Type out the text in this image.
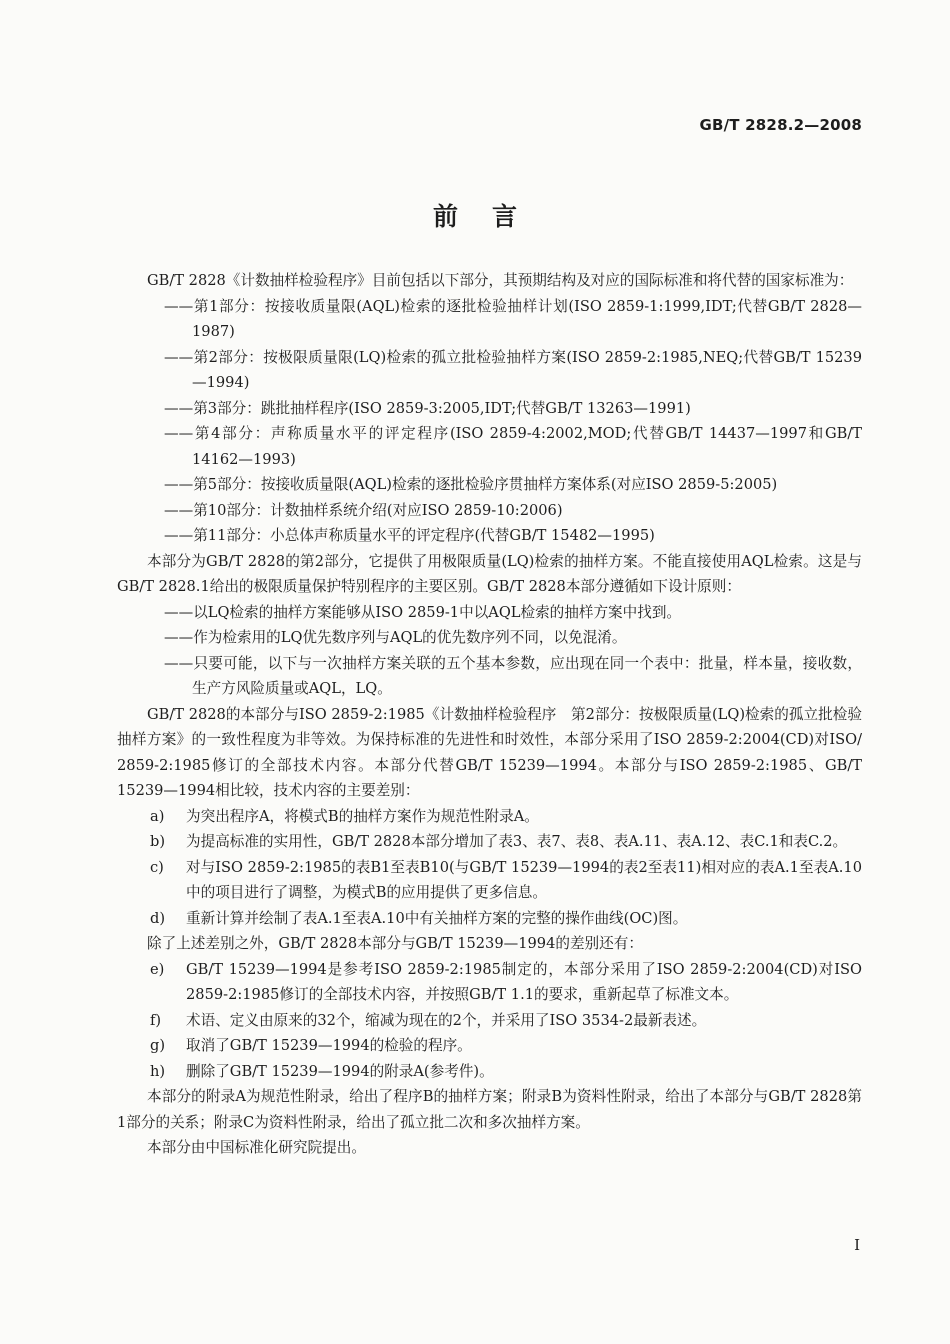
GB/T 2828.2—2008
前言

GB/T 2828《计数抽样检验程序》目前包括以下部分，其预期结构及对应的国际标准和将代替的国家标准为：

——第1部分：按接收质量限(AQL)检索的逐批检验抽样计划(ISO 2859-1:1999,IDT;代替GB/T 2828—1987)

——第2部分：按极限质量限(LQ)检索的孤立批检验抽样方案(ISO 2859-2:1985,NEQ;代替GB/T 15239—1994)

——第3部分：跳批抽样程序(ISO 2859-3:2005,IDT;代替GB/T 13263—1991)

——第4部分：声称质量水平的评定程序(ISO 2859-4:2002,MOD;代替GB/T 14437—1997和GB/T 14162—1993)

——第5部分：按接收质量限(AQL)检索的逐批检验序贯抽样方案体系(对应ISO 2859-5:2005)

——第10部分：计数抽样系统介绍(对应ISO 2859-10:2006)

——第11部分：小总体声称质量水平的评定程序(代替GB/T 15482—1995)

本部分为GB/T 2828的第2部分，它提供了用极限质量(LQ)检索的抽样方案。不能直接使用AQL检索。这是与GB/T 2828.1给出的极限质量保护特别程序的主要区别。GB/T 2828本部分遵循如下设计原则：

——以LQ检索的抽样方案能够从ISO 2859-1中以AQL检索的抽样方案中找到。

——作为检索用的LQ优先数序列与AQL的优先数序列不同，以免混淆。

——只要可能，以下与一次抽样方案关联的五个基本参数，应出现在同一个表中：批量，样本量，接收数，生产方风险质量或AQL，LQ。

GB/T 2828的本部分与ISO 2859-2:1985《计数抽样检验程序　第2部分：按极限质量(LQ)检索的孤立批检验抽样方案》的一致性程度为非等效。为保持标准的先进性和时效性，本部分采用了ISO 2859-2:2004(CD)对ISO/ 2859-2:1985修订的全部技术内容。本部分代替GB/T 15239—1994。本部分与ISO 2859-2:1985、GB/T 15239—1994相比较，技术内容的主要差别：

a) 为突出程序A，将模式B的抽样方案作为规范性附录A。

b) 为提高标准的实用性，GB/T 2828本部分增加了表3、表7、表8、表A.11、表A.12、表C.1和表C.2。

c) 对与ISO 2859-2:1985的表B1至表B10(与GB/T 15239—1994的表2至表11)相对应的表A.1至表A.10中的项目进行了调整，为模式B的应用提供了更多信息。

d) 重新计算并绘制了表A.1至表A.10中有关抽样方案的完整的操作曲线(OC)图。

除了上述差别之外，GB/T 2828本部分与GB/T 15239—1994的差别还有：

e) GB/T 15239—1994是参考ISO 2859-2:1985制定的，本部分采用了ISO 2859-2:2004(CD)对ISO 2859-2:1985修订的全部技术内容，并按照GB/T 1.1的要求，重新起草了标准文本。

f) 术语、定义由原来的32个，缩减为现在的2个，并采用了ISO 3534-2最新表述。

g) 取消了GB/T 15239—1994的检验的程序。

h) 删除了GB/T 15239—1994的附录A(参考件)。

本部分的附录A为规范性附录，给出了程序B的抽样方案；附录B为资料性附录，给出了本部分与GB/T 2828第1部分的关系；附录C为资料性附录，给出了孤立批二次和多次抽样方案。

本部分由中国标准化研究院提出。

I
